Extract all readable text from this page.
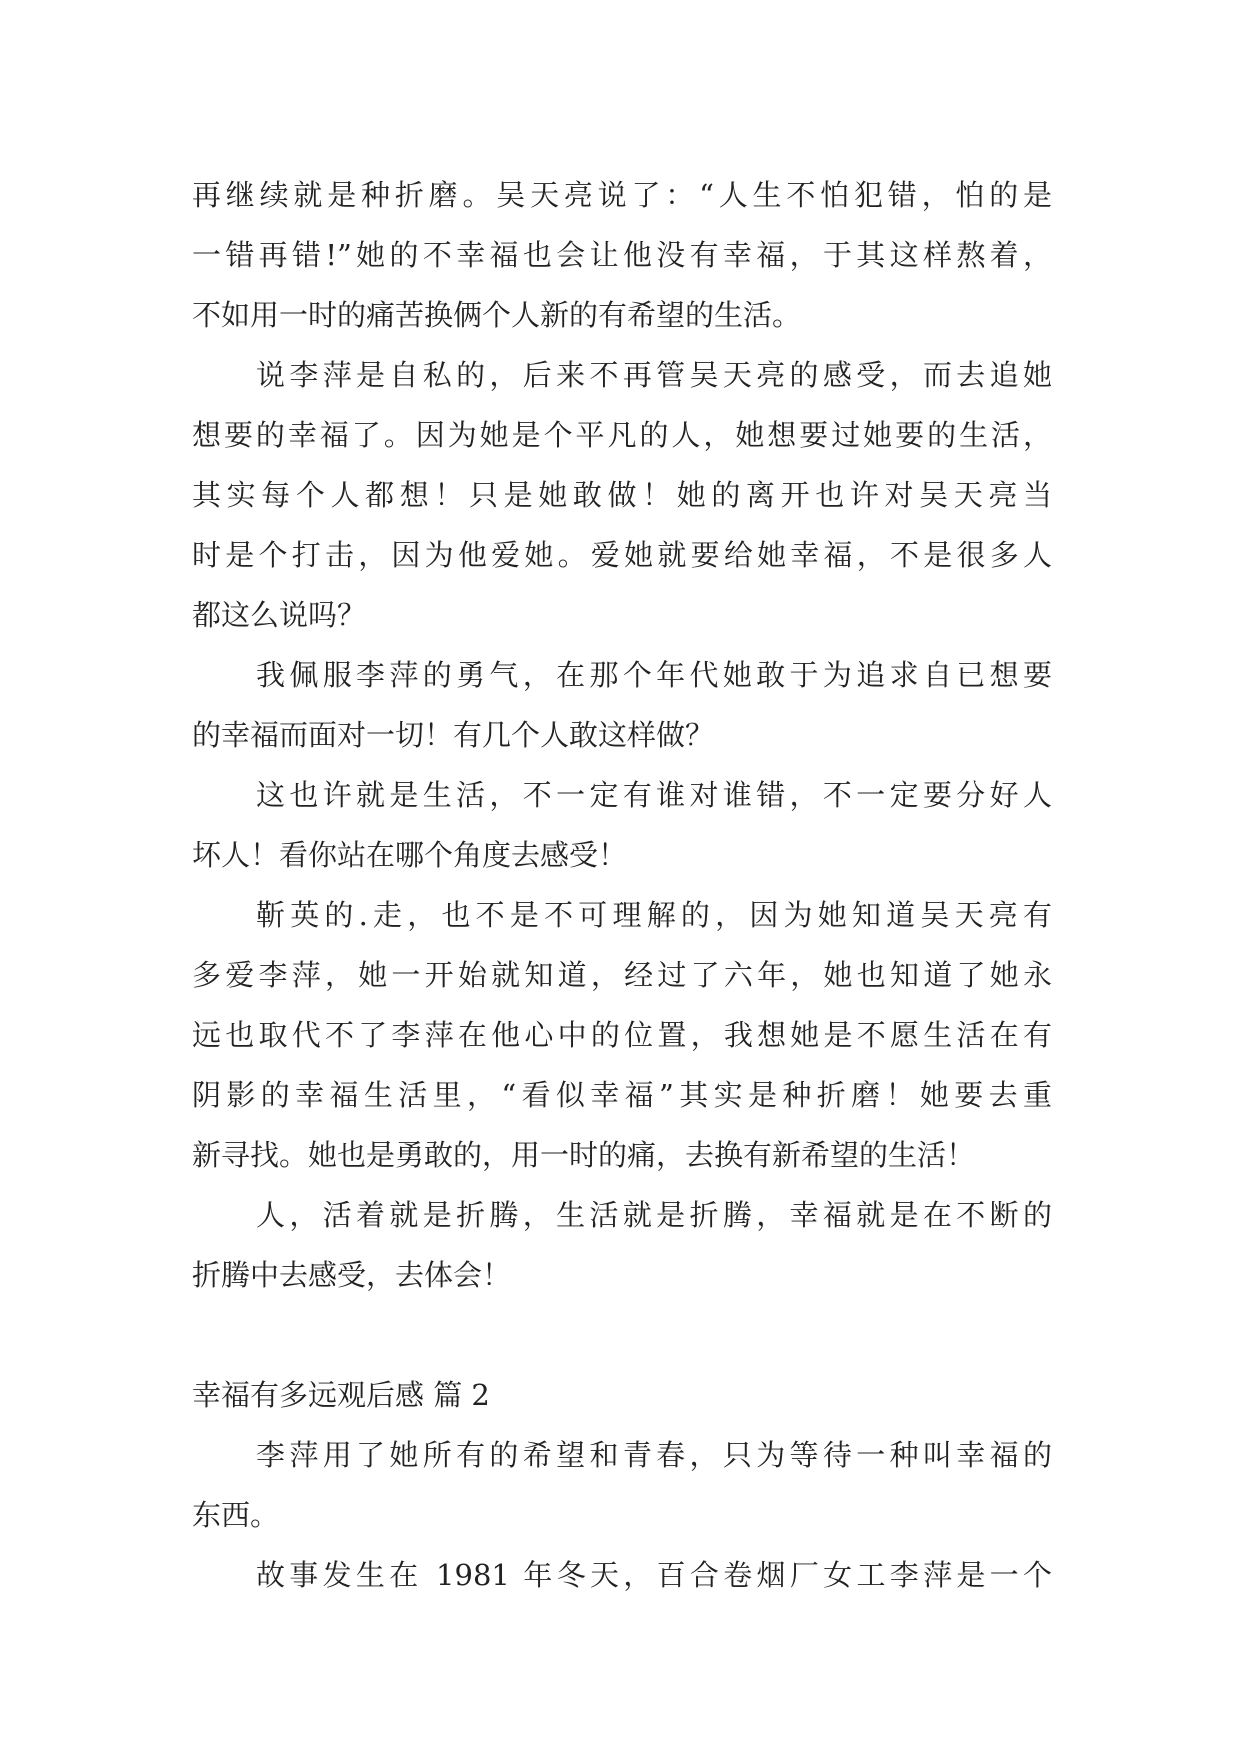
再继续就是种折磨。吴天亮说了：“人生不怕犯错，怕的是
一错再错!”她的不幸福也会让他没有幸福，于其这样熬着，
不如用一时的痛苦换俩个人新的有希望的生活。
说李萍是自私的，后来不再管吴天亮的感受，而去追她
想要的幸福了。因为她是个平凡的人，她想要过她要的生活，
其实每个人都想！只是她敢做！她的离开也许对吴天亮当
时是个打击，因为他爱她。爱她就要给她幸福，不是很多人
都这么说吗？
我佩服李萍的勇气，在那个年代她敢于为追求自已想要
的幸福而面对一切！有几个人敢这样做？
这也许就是生活，不一定有谁对谁错，不一定要分好人
坏人！看你站在哪个角度去感受！
靳英的.走，也不是不可理解的，因为她知道吴天亮有
多爱李萍，她一开始就知道，经过了六年，她也知道了她永
远也取代不了李萍在他心中的位置，我想她是不愿生活在有
阴影的幸福生活里，“看似幸福”其实是种折磨！她要去重
新寻找。她也是勇敢的，用一时的痛，去换有新希望的生活！
人，活着就是折腾，生活就是折腾，幸福就是在不断的
折腾中去感受，去体会！
幸福有多远观后感 篇 2
李萍用了她所有的希望和青春，只为等待一种叫幸福的
东西。
故事发生在 1981 年冬天，百合卷烟厂女工李萍是一个
